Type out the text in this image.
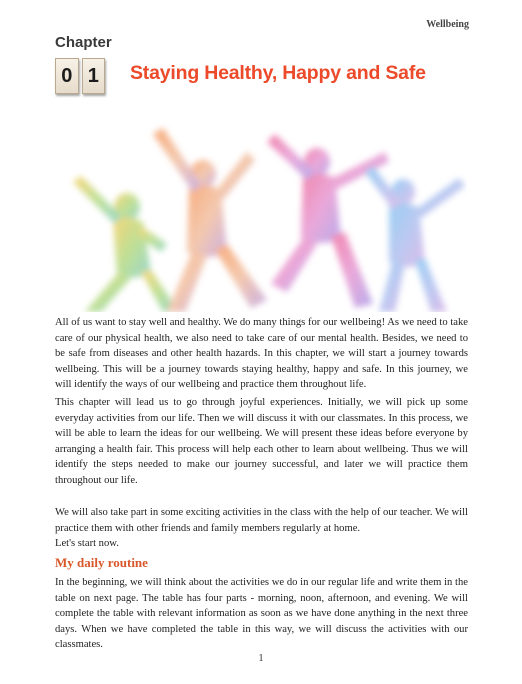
Wellbeing
Chapter
0 1	Staying Healthy, Happy and Safe

All of us want to stay well and healthy. We do many things for our wellbeing! As we need to take care of our physical health, we also need to take care of our mental health. Besides, we need to be safe from diseases and other health hazards. In this chapter, we will start a journey towards wellbeing. This will be a journey towards staying healthy, happy and safe. In this journey, we will identify the ways of our wellbeing and practice them throughout life.

This chapter will lead us to go through joyful experiences. Initially, we will pick up some everyday activities from our life. Then we will discuss it with our classmates. In this process, we will be able to learn the ideas for our wellbeing. We will present these ideas before everyone by arranging a health fair. This process will help each other to learn about wellbeing. Thus we will identify the steps needed to make our journey successful, and later we will practice them throughout our life.

We will also take part in some exciting activities in the class with the help of our teacher. We will practice them with other friends and family members regularly at home.

Let's start now.

My daily routine

In the beginning, we will think about the activities we do in our regular life and write them in the table on next page. The table has four parts - morning, noon, afternoon, and evening. We will complete the table with relevant information as soon as we have done anything in the next three days. When we have completed the table in this way, we will discuss the activities with our classmates.

1
